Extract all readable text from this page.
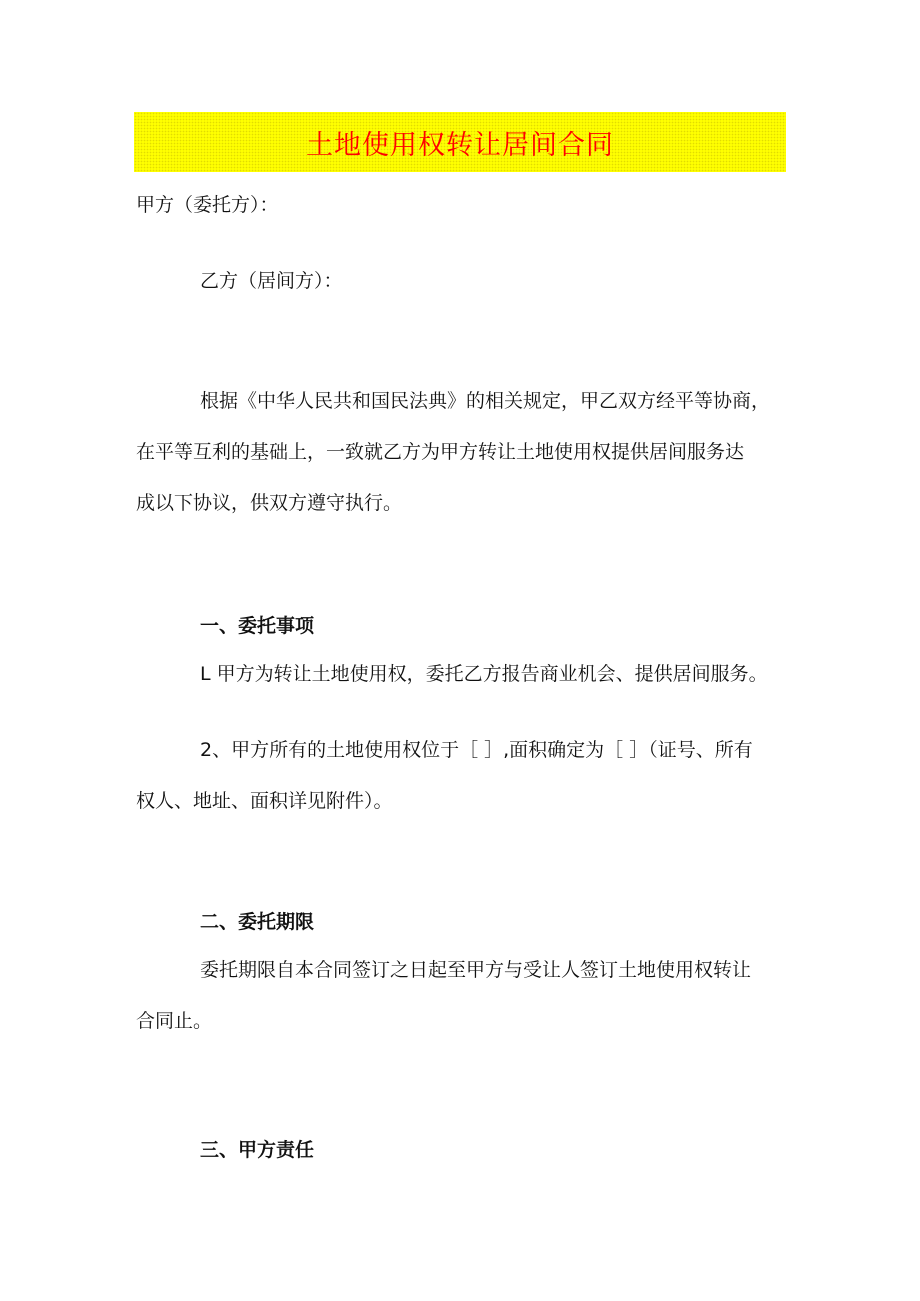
土地使用权转让居间合同
甲方（委托方）：
乙方（居间方）：
根据《中华人民共和国民法典》的相关规定，甲乙双方经平等协商，
在平等互利的基础上，一致就乙方为甲方转让土地使用权提供居间服务达
成以下协议，供双方遵守执行。
一、委托事项
L 甲方为转让土地使用权，委托乙方报告商业机会、提供居间服务。
2、甲方所有的土地使用权位于［ ］,面积确定为［ ］（证号、所有
权人、地址、面积详见附件）。
二、委托期限
委托期限自本合同签订之日起至甲方与受让人签订土地使用权转让
合同止。
三、甲方责任
